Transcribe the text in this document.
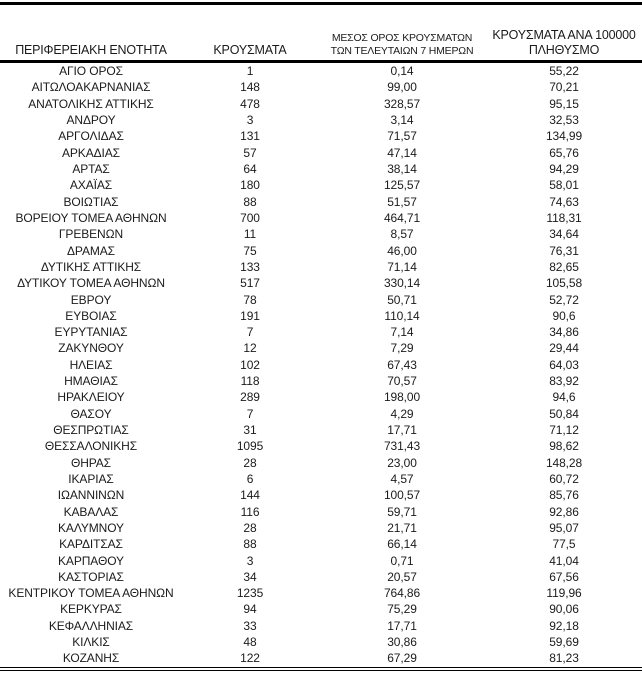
ΠΕΡΙΦΕΡΕΙΑΚΗ ΕΝΟΤΗΤΑ	ΚΡΟΥΣΜΑΤΑ	ΜΕΣΟΣ ΟΡΟΣ ΚΡΟΥΣΜΑΤΩΝ
ΤΩΝ ΤΕΛΕΥΤΑΙΩΝ 7 ΗΜΕΡΩΝ	ΚΡΟΥΣΜΑΤΑ ΑΝΑ 100000
ΠΛΗΘΥΣΜΟ

ΑΓΙΟ ΟΡΟΣ	1	0,14	55,22
ΑΙΤΩΛΟΑΚΑΡΝΑΝΙΑΣ	148	99,00	70,21
ΑΝΑΤΟΛΙΚΗΣ ΑΤΤΙΚΗΣ	478	328,57	95,15
ΑΝΔΡΟΥ	3	3,14	32,53
ΑΡΓΟΛΙΔΑΣ	131	71,57	134,99
ΑΡΚΑΔΙΑΣ	57	47,14	65,76
ΑΡΤΑΣ	64	38,14	94,29
ΑΧΑΪΑΣ	180	125,57	58,01
ΒΟΙΩΤΙΑΣ	88	51,57	74,63
ΒΟΡΕΙΟΥ ΤΟΜΕΑ ΑΘΗΝΩΝ	700	464,71	118,31
ΓΡΕΒΕΝΩΝ	11	8,57	34,64
ΔΡΑΜΑΣ	75	46,00	76,31
ΔΥΤΙΚΗΣ ΑΤΤΙΚΗΣ	133	71,14	82,65
ΔΥΤΙΚΟΥ ΤΟΜΕΑ ΑΘΗΝΩΝ	517	330,14	105,58
ΕΒΡΟΥ	78	50,71	52,72
ΕΥΒΟΙΑΣ	191	110,14	90,6
ΕΥΡΥΤΑΝΙΑΣ	7	7,14	34,86
ΖΑΚΥΝΘΟΥ	12	7,29	29,44
ΗΛΕΙΑΣ	102	67,43	64,03
ΗΜΑΘΙΑΣ	118	70,57	83,92
ΗΡΑΚΛΕΙΟΥ	289	198,00	94,6
ΘΑΣΟΥ	7	4,29	50,84
ΘΕΣΠΡΩΤΙΑΣ	31	17,71	71,12
ΘΕΣΣΑΛΟΝΙΚΗΣ	1095	731,43	98,62
ΘΗΡΑΣ	28	23,00	148,28
ΙΚΑΡΙΑΣ	6	4,57	60,72
ΙΩΑΝΝΙΝΩΝ	144	100,57	85,76
ΚΑΒΑΛΑΣ	116	59,71	92,86
ΚΑΛΥΜΝΟΥ	28	21,71	95,07
ΚΑΡΔΙΤΣΑΣ	88	66,14	77,5
ΚΑΡΠΑΘΟΥ	3	0,71	41,04
ΚΑΣΤΟΡΙΑΣ	34	20,57	67,56
ΚΕΝΤΡΙΚΟΥ ΤΟΜΕΑ ΑΘΗΝΩΝ	1235	764,86	119,96
ΚΕΡΚΥΡΑΣ	94	75,29	90,06
ΚΕΦΑΛΛΗΝΙΑΣ	33	17,71	92,18
ΚΙΛΚΙΣ	48	30,86	59,69
ΚΟΖΑΝΗΣ	122	67,29	81,23
